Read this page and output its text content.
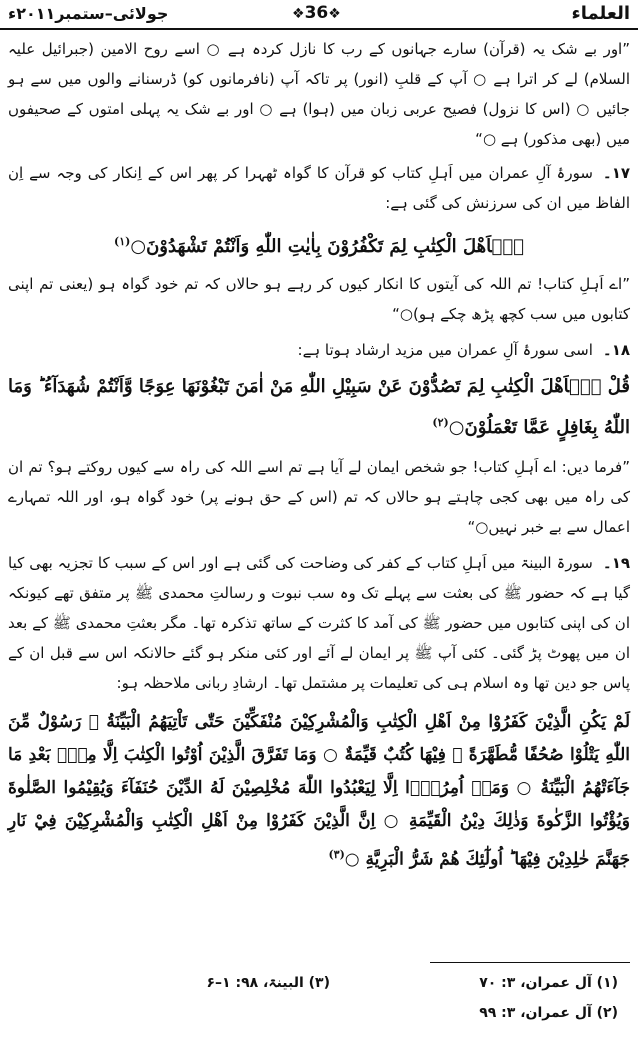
العلماء
❖36❖
جولائی–ستمبر۲۰۱۱ء

”اور بے شک یہ (قرآن) سارے جہانوں کے رب کا نازل کردہ ہے ○ اسے روح الامین (جبرائیل علیہ السلام) لے کر اترا ہے ○ آپ کے قلبِ (انور) پر تاکہ آپ (نافرمانوں کو) ڈرسنانے والوں میں سے ہو جائیں ○ (اس کا نزول) فصیح عربی زبان میں (ہوا) ہے ○ اور بے شک یہ پہلی امتوں کے صحیفوں میں (بھی مذکور) ہے ○“

۱۷۔سورۂ آلِ عمران میں اَہلِ کتاب کو قرآن کا گواہ ٹھہرا کر پھر اس کے اِنکار کی وجہ سے اِن الفاظ میں ان کی سرزنش کی گئی ہے:

يٰۤاَهْلَ الْكِتٰبِ لِمَ تَكْفُرُوْنَ بِاٰيٰتِ اللّٰهِ وَاَنْتُمْ تَشْهَدُوْنَ○$^{(۱)}$

”اے اَہلِ کتاب! تم اللہ کی آیتوں کا انکار کیوں کر رہے ہو حالاں کہ تم خود گواہ ہو (یعنی تم اپنی کتابوں میں سب کچھ پڑھ چکے ہو)○“

۱۸۔اسی سورۂ آلِ عمران میں مزید ارشاد ہوتا ہے:

قُلْ يٰۤاَهْلَ الْكِتٰبِ لِمَ تَصُدُّوْنَ عَنْ سَبِيْلِ اللّٰهِ مَنْ اٰمَنَ تَبْغُوْنَهَا عِوَجًا وَّاَنْتُمْ شُهَدَآءُ ؕ وَمَا اللّٰهُ بِغَافِلٍ عَمَّا تَعْمَلُوْنَ○$^{(۲)}$

”فرما دیں: اے اَہلِ کتاب! جو شخص ایمان لے آیا ہے تم اسے اللہ کی راہ سے کیوں روکتے ہو؟ تم ان کی راہ میں بھی کجی چاہتے ہو حالاں کہ تم (اس کے حق ہونے پر) خود گواہ ہو، اور اللہ تمہارے اعمال سے بے خبر نہیں○“

۱۹۔سورۃ البینۃ میں اَہلِ کتاب کے کفر کی وضاحت کی گئی ہے اور اس کے سبب کا تجزیہ بھی کیا گیا ہے کہ حضور ﷺ کی بعثت سے پہلے تک وہ سب نبوت و رسالتِ محمدی ﷺ پر متفق تھے کیونکہ ان کی اپنی کتابوں میں حضور ﷺ کی آمد کا کثرت کے ساتھ تذکرہ تھا۔ مگر بعثتِ محمدی ﷺ کے بعد ان میں پھوٹ پڑ گئی۔ کئی آپ ﷺ پر ایمان لے آئے اور کئی منکر ہو گئے حالانکہ اس سے قبل ان کے پاس جو دین تھا وہ اسلام ہی کی تعلیمات پر مشتمل تھا۔ ارشادِ ربانی ملاحظہ ہو:

لَمْ يَكُنِ الَّذِيْنَ كَفَرُوْا مِنْ اَهْلِ الْكِتٰبِ وَالْمُشْرِكِيْنَ مُنْفَكِّيْنَ حَتّٰى تَاْتِيَهُمُ الْبَيِّنَةُ ۙ رَسُوْلٌ مِّنَ اللّٰهِ يَتْلُوْا صُحُفًا مُّطَهَّرَةً ۙ فِيْهَا كُتُبٌ قَيِّمَةٌ ○ وَمَا تَفَرَّقَ الَّذِيْنَ اُوْتُوا الْكِتٰبَ اِلَّا مِنْۢ بَعْدِ مَا جَآءَتْهُمُ الْبَيِّنَةُ ○ وَمَاۤ اُمِرُوْۤا اِلَّا لِيَعْبُدُوا اللّٰهَ مُخْلِصِيْنَ لَهُ الدِّيْنَ حُنَفَآءَ وَيُقِيْمُوا الصَّلٰوةَ وَيُؤْتُوا الزَّكٰوةَ وَذٰلِكَ دِيْنُ الْقَيِّمَةِ ○ اِنَّ الَّذِيْنَ كَفَرُوْا مِنْ اَهْلِ الْكِتٰبِ وَالْمُشْرِكِيْنَ فِيْ نَارِ جَهَنَّمَ خٰلِدِيْنَ فِيْهَا ؕ اُولٰٓئِكَ هُمْ شَرُّ الْبَرِيَّةِ ○$^{(۳)}$

(۱) آل عمران، ۳: ۷۰
(۳) البینۃ، ۹۸: ۱–۶
(۲) آل عمران، ۳: ۹۹
